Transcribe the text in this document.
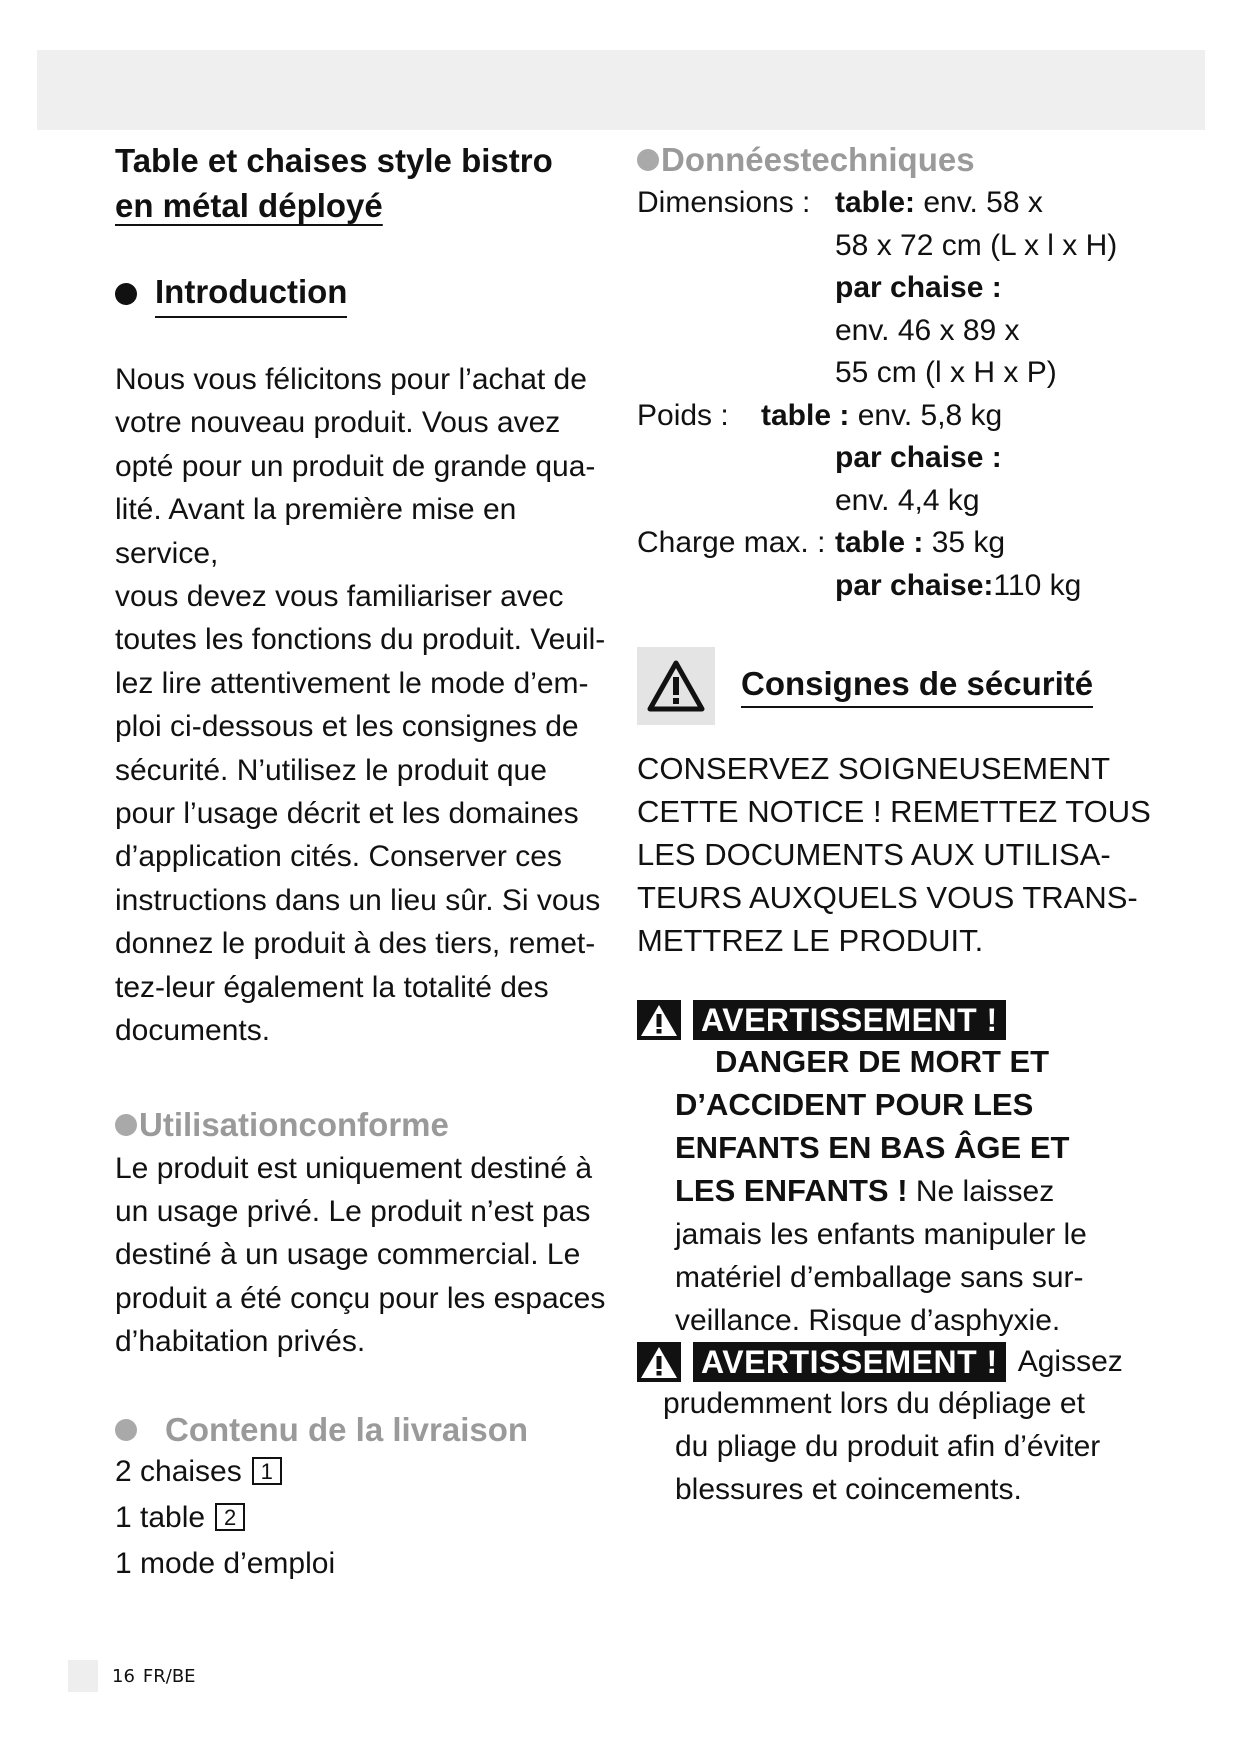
Table et chaises style bistro
en métal déployé
Introduction
Nous vous félicitons pour l’achat de
votre nouveau produit. Vous avez
opté pour un produit de grande qua-
lité. Avant la première mise en service,
vous devez vous familiariser avec
toutes les fonctions du produit. Veuil-
lez lire attentivement le mode d’em-
ploi ci-dessous et les consignes de
sécurité. N’utilisez le produit que
pour l’usage décrit et les domaines
d’application cités. Conserver ces
instructions dans un lieu sûr. Si vous
donnez le produit à des tiers, remet-
tez-leur également la totalité des
documents.
Utilisationconforme
Le produit est uniquement destiné à
un usage privé. Le produit n’est pas
destiné à un usage commercial. Le
produit a été conçu pour les espaces
d’habitation privés.
Contenu de la livraison
2 chaises 1
1 table 2
1 mode d’emploi
Donnéestechniques
Dimensions : table: env. 58 x
58 x 72 cm (L x l x H)
par chaise :
env. 46 x 89 x
55 cm (l x H x P)
Poids :	table : env. 5,8 kg
par chaise :
env. 4,4 kg
Charge max. : table : 35 kg
par chaise: 110 kg
Consignes de sécurité
CONSERVEZ SOIGNEUSEMENT
CETTE NOTICE ! REMETTEZ TOUS
LES DOCUMENTS AUX UTILISA-
TEURS AUXQUELS VOUS TRANS-
METTREZ LE PRODUIT.
AVERTISSEMENT !
DANGER DE MORT ET
D’ACCIDENT POUR LES
ENFANTS EN BAS ÂGE ET
LES ENFANTS ! Ne laissez
jamais les enfants manipuler le
matériel d’emballage sans sur-
veillance. Risque d’asphyxie.
AVERTISSEMENT ! Agissez
prudemment lors du dépliage et
du pliage du produit afin d’éviter
blessures et coincements.
16 FR/BE
